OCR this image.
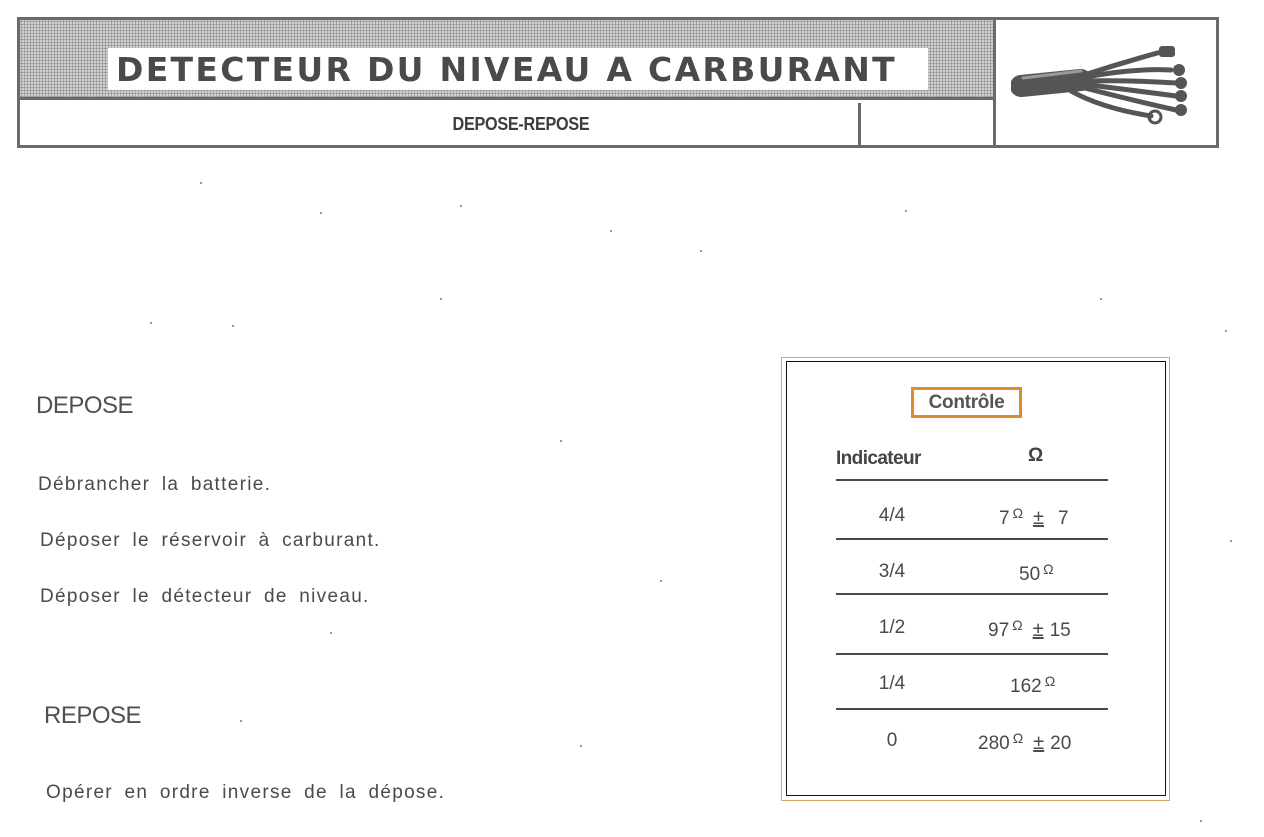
DETECTEUR DU NIVEAU A CARBURANT
DEPOSE-REPOSE
DEPOSE
Débrancher la batterie.
Déposer le réservoir à carburant.
Déposer le détecteur de niveau.
REPOSE
Opérer en ordre inverse de la dépose.
Contrôle
Indicateur	Ω
4/4	7 $^\Omega$ ± 7
3/4	50 $^\Omega$
1/2	97 $^\Omega$ ± 15
1/4	162 $^\Omega$
0	280 $^\Omega$ ± 20
